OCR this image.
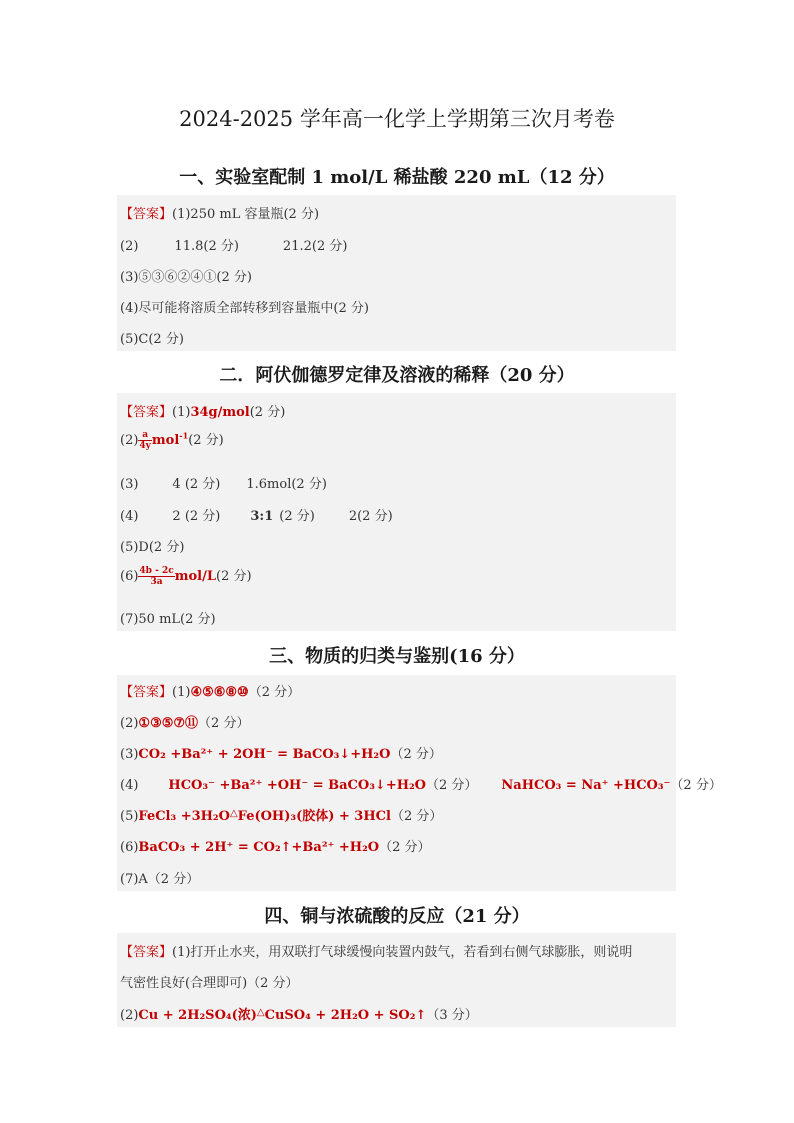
2024-2025 学年高一化学上学期第三次月考卷
一、实验室配制 1 mol/L 稀盐酸 220 mL（12 分）
【答案】(1)250 mL 容量瓶(2 分)
(2)	11.8(2 分)	21.2(2 分)
(3)⑤③⑥②④①(2 分)
(4)尽可能将溶质全部转移到容量瓶中(2 分)
(5)C(2 分)
二．阿伏伽德罗定律及溶液的稀释（20 分）
【答案】(1)34g/mol(2 分)
$(2) \frac{a}{4y} mol^{-1}(2$ 分)
(3)	4 (2 分) 1.6mol(2 分)
(4)	2 (2 分) 3:1 (2 分)	2(2 分)
(5)D(2 分)
$(6) \frac{4b - 2c}{3a} mol/L(2$ 分)
(7)50 mL(2 分)
三、物质的归类与鉴别(16 分）
【答案】(1)④⑤⑥⑧⑩（2 分）
(2)①③⑤⑦⑪（2 分）
(3)CO₂ +Ba²⁺ + 2OH⁻ = BaCO₃↓+H₂O（2 分）
(4) HCO₃⁻ +Ba²⁺ +OH⁻ = BaCO₃↓+H₂O（2 分） NaHCO₃ = Na⁺ +HCO₃⁻（2 分）
(5)FeCl₃ +3H₂O△Fe(OH)₃(胶体) + 3HCl（2 分）
(6)BaCO₃ + 2H⁺ = CO₂↑+Ba²⁺ +H₂O（2 分）
(7)A（2 分）
四、铜与浓硫酸的反应（21 分）
【答案】(1)打开止水夹，用双联打气球缓慢向装置内鼓气，若看到右侧气球膨胀，则说明
气密性良好(合理即可)（2 分）
(2)Cu + 2H₂SO₄(浓)△CuSO₄ + 2H₂O + SO₂↑（3 分）
